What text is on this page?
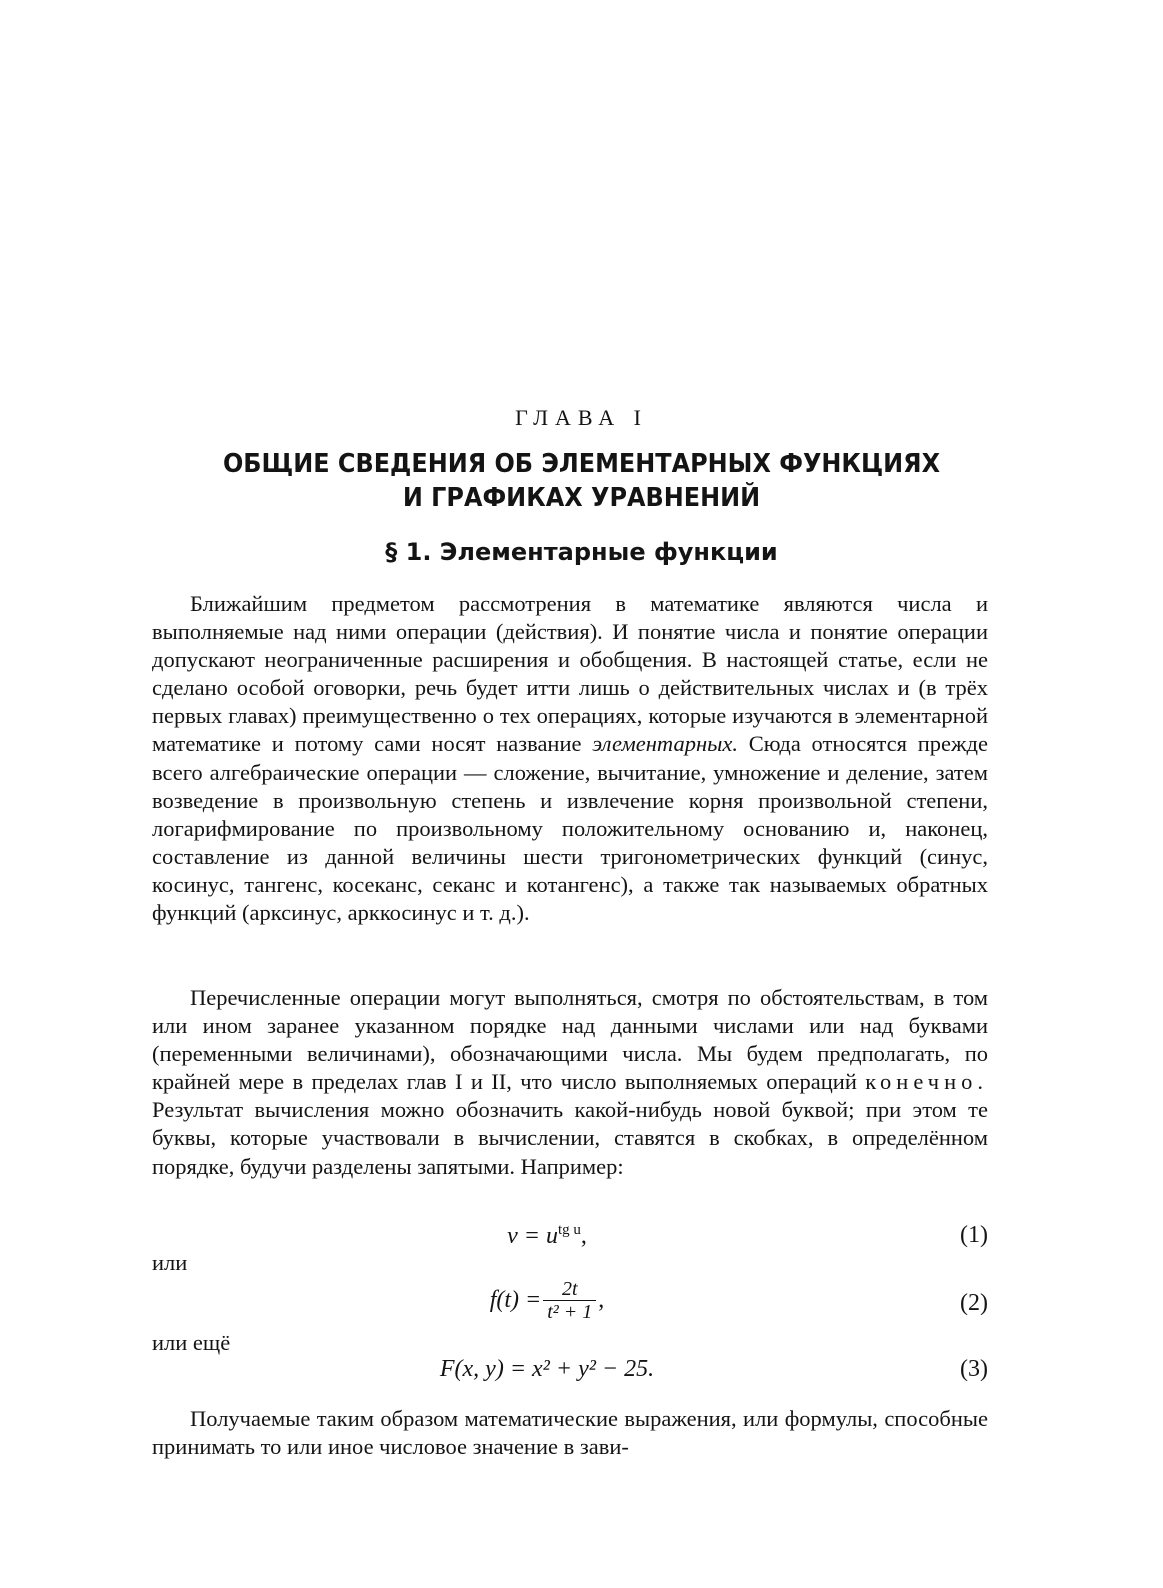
ГЛАВА I
ОБЩИЕ СВЕДЕНИЯ ОБ ЭЛЕМЕНТАРНЫХ ФУНКЦИЯХ
И ГРАФИКАХ УРАВНЕНИЙ
§ 1. Элементарные функции

Ближайшим предметом рассмотрения в математике являются числа и выполняемые над ними операции (действия). И понятие числа и понятие операции допускают неограниченные расширения и обобщения. В настоящей статье, если не сделано особой оговорки, речь будет итти лишь о действительных числах и (в трёх первых главах) преимущественно о тех операциях, которые изучаются в элементарной математике и потому сами носят название элементарных. Сюда относятся прежде всего алгебраические операции — сложение, вычитание, умножение и деление, затем возведение в произвольную степень и извлечение корня произвольной степени, логарифмирование по произвольному положительному основанию и, наконец, составление из данной величины шести тригонометрических функций (синус, косинус, тангенс, косеканс, секанс и котангенс), а также так называемых обратных функций (арксинус, арккосинус и т. д.).

Перечисленные операции могут выполняться, смотря по обстоятельствам, в том или ином заранее указанном порядке над данными числами или над буквами (переменными величинами), обозначающими числа. Мы будем предполагать, по крайней мере в пределах глав I и II, что число выполняемых операций конечно. Результат вычисления можно обозначить какой-нибудь новой буквой; при этом те буквы, которые участвовали в вычислении, ставятся в скобках, в определённом порядке, будучи разделены запятыми. Например:

$v = u^{tg u}$,	(1)
или
$f(t) = \frac{2t}{\text{t² + 1}}$ ,	(2)
или ещё
F(x, y) = x² + y² − 25.	(3)

Получаемые таким образом математические выражения, или формулы, способные принимать то или иное числовое значение в зави-
